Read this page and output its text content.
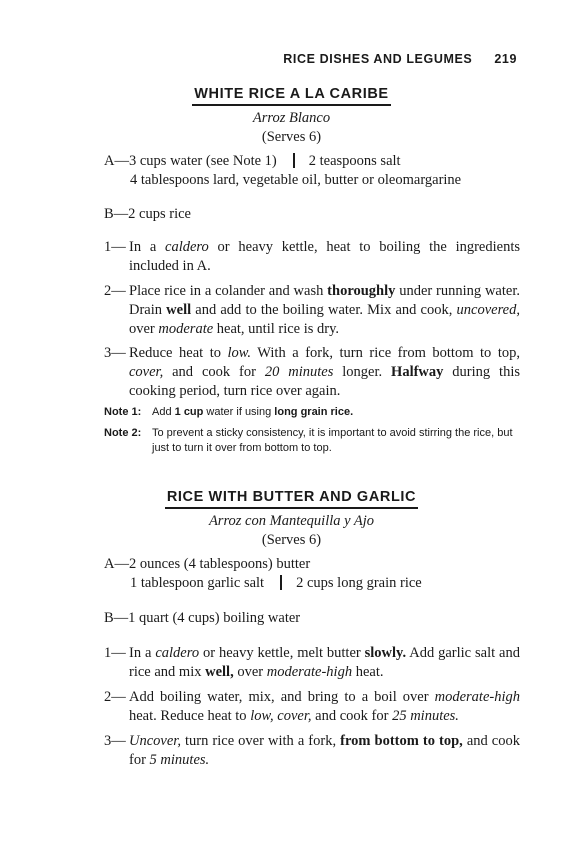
RICE DISHES AND LEGUMES 219
WHITE RICE A LA CARIBE
Arroz Blanco
(Serves 6)
A—3 cups water (see Note 1) 2 teaspoons salt
4 tablespoons lard, vegetable oil, butter or oleomargarine
B—2 cups rice
1— In a caldero or heavy kettle, heat to boiling the ingredients included in A.
2— Place rice in a colander and wash thoroughly under running water. Drain well and add to the boiling water. Mix and cook, uncovered, over moderate heat, until rice is dry.
3— Reduce heat to low. With a fork, turn rice from bottom to top, cover, and cook for 20 minutes longer. Halfway during this cooking period, turn rice over again.
Note 1: Add 1 cup water if using long grain rice.
Note 2: To prevent a sticky consistency, it is important to avoid stirring the rice, but just to turn it over from bottom to top.
RICE WITH BUTTER AND GARLIC
Arroz con Mantequilla y Ajo
(Serves 6)
A—2 ounces (4 tablespoons) butter
1 tablespoon garlic salt 2 cups long grain rice
B—1 quart (4 cups) boiling water
1— In a caldero or heavy kettle, melt butter slowly. Add garlic salt and rice and mix well, over moderate-high heat.
2— Add boiling water, mix, and bring to a boil over moderate-high heat. Reduce heat to low, cover, and cook for 25 minutes.
3— Uncover, turn rice over with a fork, from bottom to top, and cook for 5 minutes.
